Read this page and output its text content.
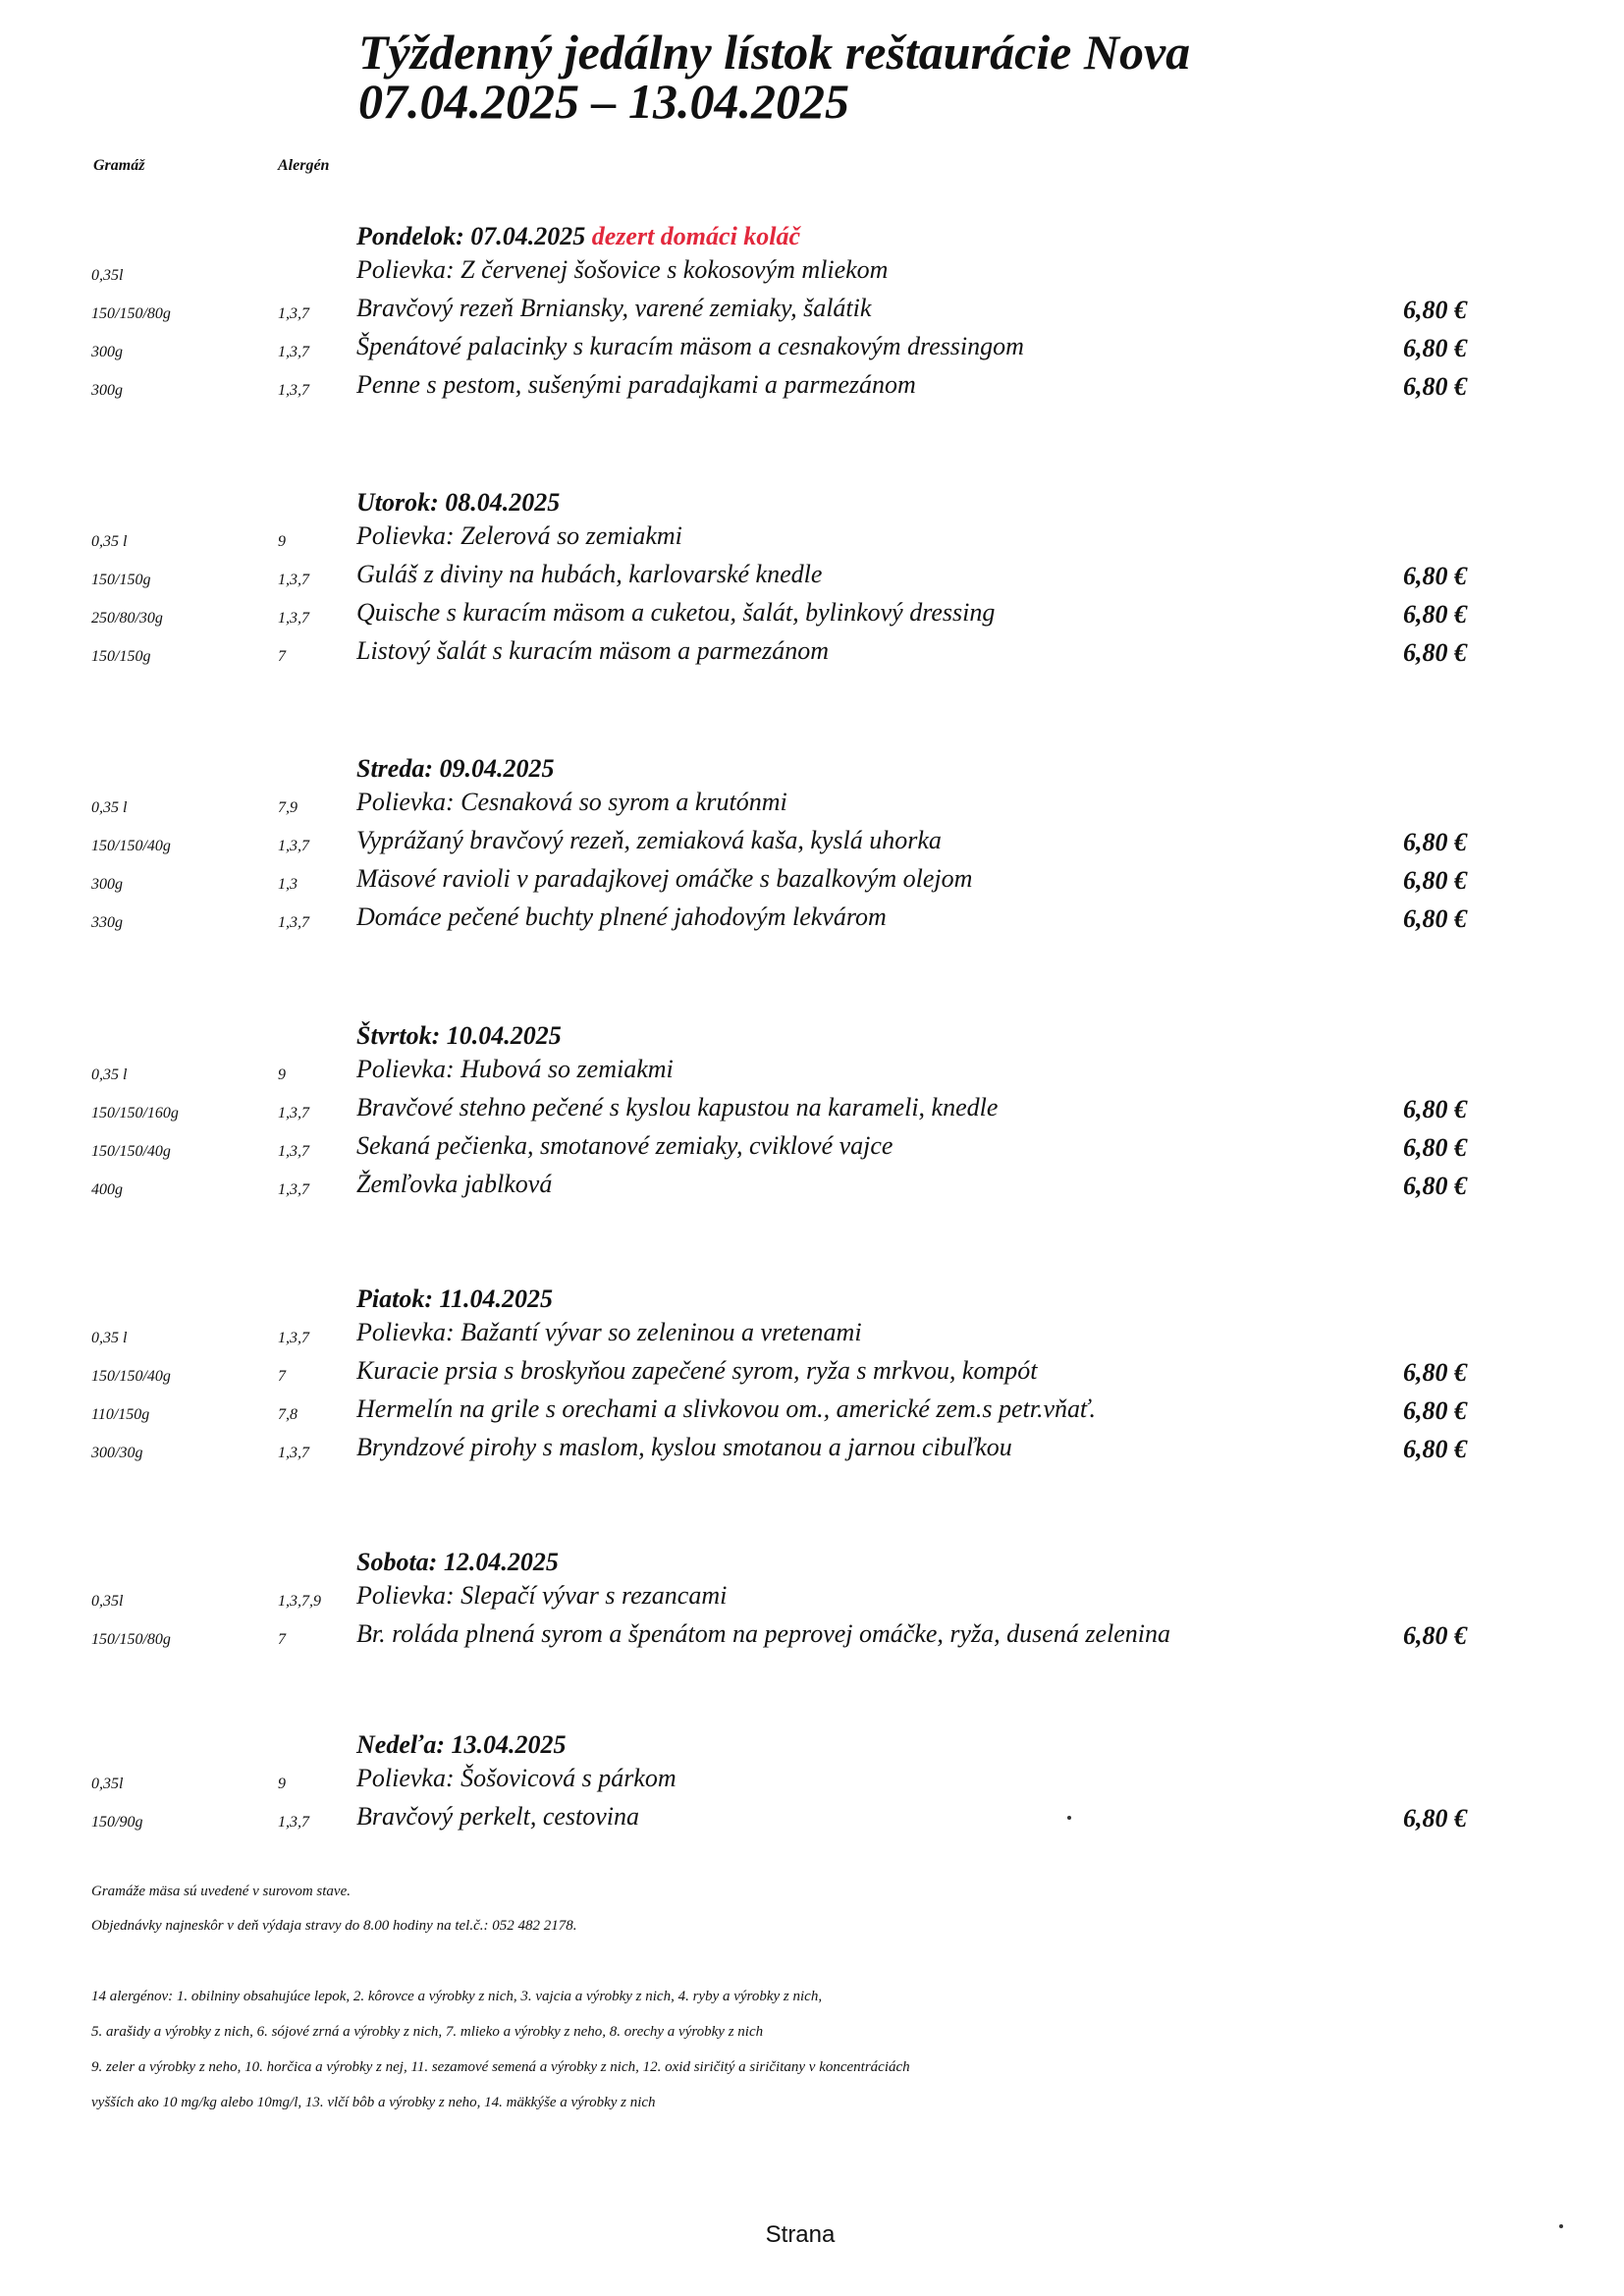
Týždenný jedálny lístok reštaurácie Nova
07.04.2025 – 13.04.2025
Gramáž	Alergén
Pondelok: 07.04.2025 dezert domáci koláč
0,35l	Polievka: Z červenej šošovice s kokosovým mliekom
150/150/80g	1,3,7 Bravčový rezeň Brniansky, varené zemiaky, šalátik	6,80 €
300g	1,3,7 Špenátové palacinky s kuracím mäsom a cesnakovým dressingom	6,80 €
300g	1,3,7 Penne s pestom, sušenými paradajkami a parmezánom	6,80 €
Utorok: 08.04.2025
0,35 l	9	Polievka: Zelerová so zemiakmi
150/150g	1,3,7 Guláš z diviny na hubách, karlovarské knedle	6,80 €
250/80/30g	1,3,7 Quische s kuracím mäsom a cuketou, šalát, bylinkový dressing	6,80 €
150/150g	7	Listový šalát s kuracím mäsom a parmezánom	6,80 €
Streda: 09.04.2025
0,35 l	7,9 Polievka: Cesnaková so syrom a krutónmi
150/150/40g	1,3,7 Vyprážaný bravčový rezeň, zemiaková kaša, kyslá uhorka	6,80 €
300g	1,3 Mäsové ravioli v paradajkovej omáčke s bazalkovým olejom	6,80 €
330g	1,3,7 Domáce pečené buchty plnené jahodovým lekvárom	6,80 €
Štvrtok: 10.04.2025
0,35 l	9	Polievka: Hubová so zemiakmi
150/150/160g	1,3,7 Bravčové stehno pečené s kyslou kapustou na karameli, knedle	6,80 €
150/150/40g	1,3,7 Sekaná pečienka, smotanové zemiaky, cviklové vajce	6,80 €
400g	1,3,7 Žemľovka jablková	6,80 €
Piatok: 11.04.2025
0,35 l	1,3,7 Polievka: Bažantí vývar so zeleninou a vretenami
150/150/40g	7	Kuracie prsia s broskyňou zapečené syrom, ryža s mrkvou, kompót	6,80 €
110/150g	7,8 Hermelín na grile s orechami a slivkovou om., americké zem.s petr.vňať.	6,80 €
300/30g	1,3,7 Bryndzové pirohy s maslom, kyslou smotanou a jarnou cibuľkou	6,80 €
Sobota: 12.04.2025
0,35l	1,3,7,9 Polievka: Slepačí vývar s rezancami
150/150/80g	7	Br. roláda plnená syrom a špenátom na peprovej omáčke, ryža, dusená zelenina	6,80 €
Nedeľa: 13.04.2025
0,35l	9	Polievka: Šošovicová s párkom
150/90g	1,3,7 Bravčový perkelt, cestovina	6,80 €
Gramáže mäsa sú uvedené v surovom stave.
Objednávky najneskôr v deň výdaja stravy do 8.00 hodiny na tel.č.: 052 482 2178.
14 alergénov: 1. obilniny obsahujúce lepok, 2. kôrovce a výrobky z nich, 3. vajcia a výrobky z nich, 4. ryby a výrobky z nich,
5. arašidy a výrobky z nich, 6. sójové zrná a výrobky z nich, 7. mlieko a výrobky z neho, 8. orechy a výrobky z nich
9. zeler a výrobky z neho, 10. horčica a výrobky z nej, 11. sezamové semená a výrobky z nich, 12. oxid siričitý a siričitany v koncentráciách
vyšších ako 10 mg/kg alebo 10mg/l, 13. vlčí bôb a výrobky z neho, 14. mäkkýše a výrobky z nich
Strana
